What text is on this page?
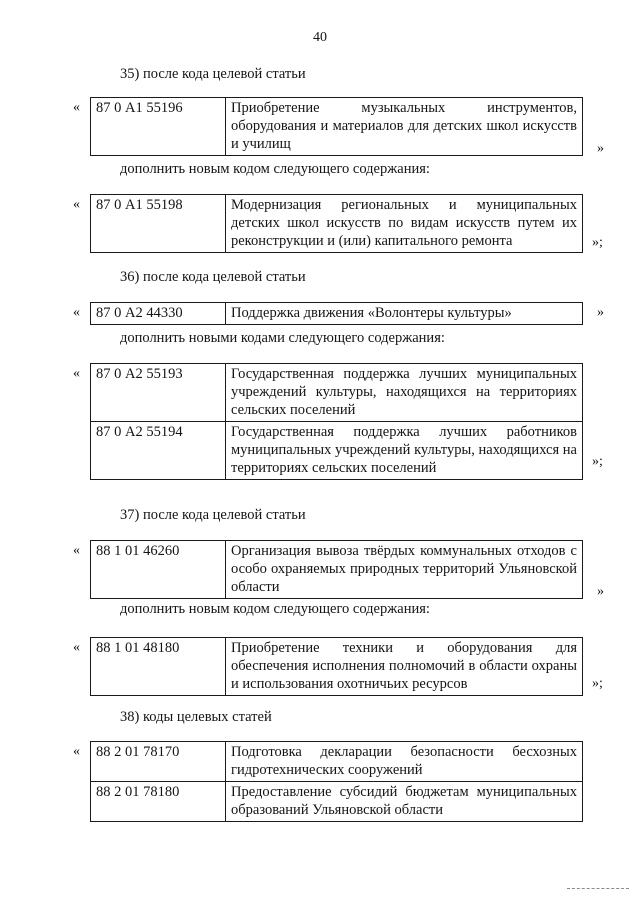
40
35) после кода целевой статьи
« 87 0 А1 55196	Приобретение музыкальных инструментов, оборудования и материалов для детских школ искусств и училищ	»
дополнить новым кодом следующего содержания:
« 87 0 А1 55198	Модернизация региональных и муниципальных детских школ искусств по видам искусств путем их реконструкции и (или) капитального ремонта	»;
36) после кода целевой статьи
« 87 0 А2 44330	Поддержка движения «Волонтеры культуры»	»
дополнить новыми кодами следующего содержания:
« 87 0 А2 55193	Государственная поддержка лучших муниципальных учреждений культуры, находящихся на территориях сельских поселений
87 0 А2 55194	Государственная поддержка лучших работников муниципальных учреждений культуры, находящихся на территориях сельских поселений	»;
37) после кода целевой статьи
« 88 1 01 46260	Организация вывоза твёрдых коммунальных отходов с особо охраняемых природных территорий Ульяновской области	»
дополнить новым кодом следующего содержания:
« 88 1 01 48180	Приобретение техники и оборудования для обеспечения исполнения полномочий в области охраны и использования охотничьих ресурсов	»;
38) коды целевых статей
« 88 2 01 78170	Подготовка декларации безопасности бесхозных гидротехнических сооружений
88 2 01 78180	Предоставление субсидий бюджетам муниципальных образований Ульяновской области
